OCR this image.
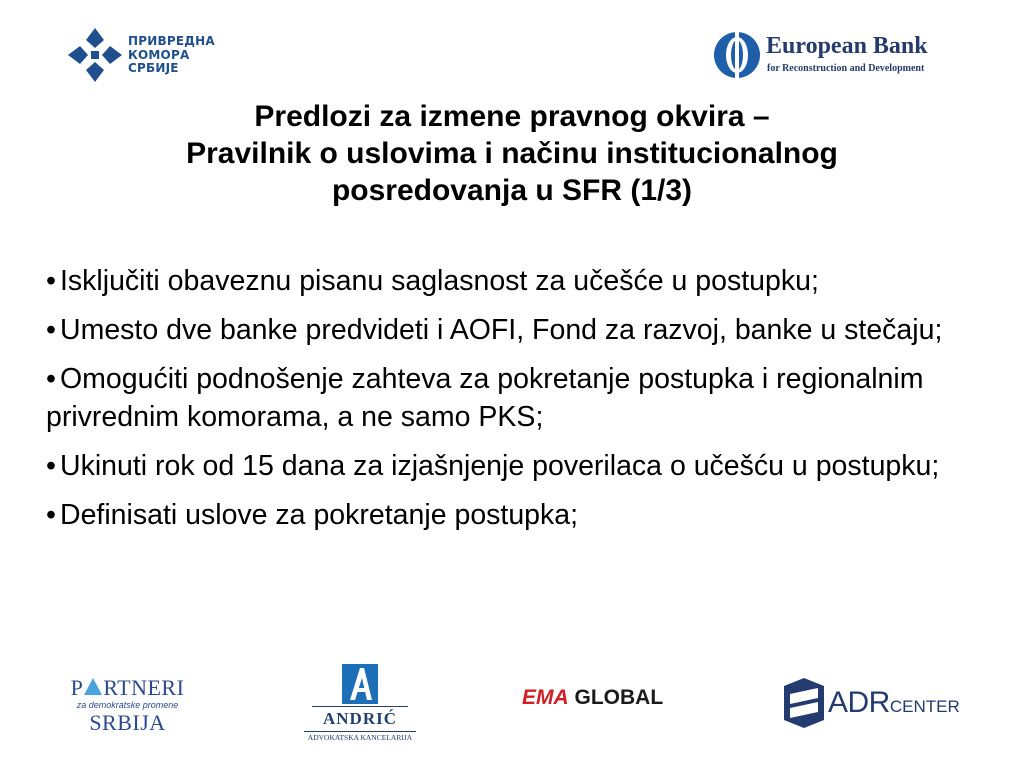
ПРИВРЕДНА
КОМОРА
СРБИЈЕ
European Bank
for Reconstruction and Development
Predlozi za izmene pravnog okvira –
Pravilnik o uslovima i načinu institucionalnog
posredovanja u SFR (1/3)
• Isključiti obaveznu pisanu saglasnost za učešće u postupku;
• Umesto dve banke predvideti i AOFI, Fond za razvoj, banke u stečaju;
• Omogućiti podnošenje zahteva za pokretanje postupka i regionalnim privrednim komorama, a ne samo PKS;
• Ukinuti rok od 15 dana za izjašnjenje poverilaca o učešću u postupku;
• Definisati uslove za pokretanje postupka;
P RTNERI
za demokratske promene
SRBIJA	ANDRIĆ
ADVOKATSKA KANCELARIJA
EMA GLOBAL	ADRCENTER
